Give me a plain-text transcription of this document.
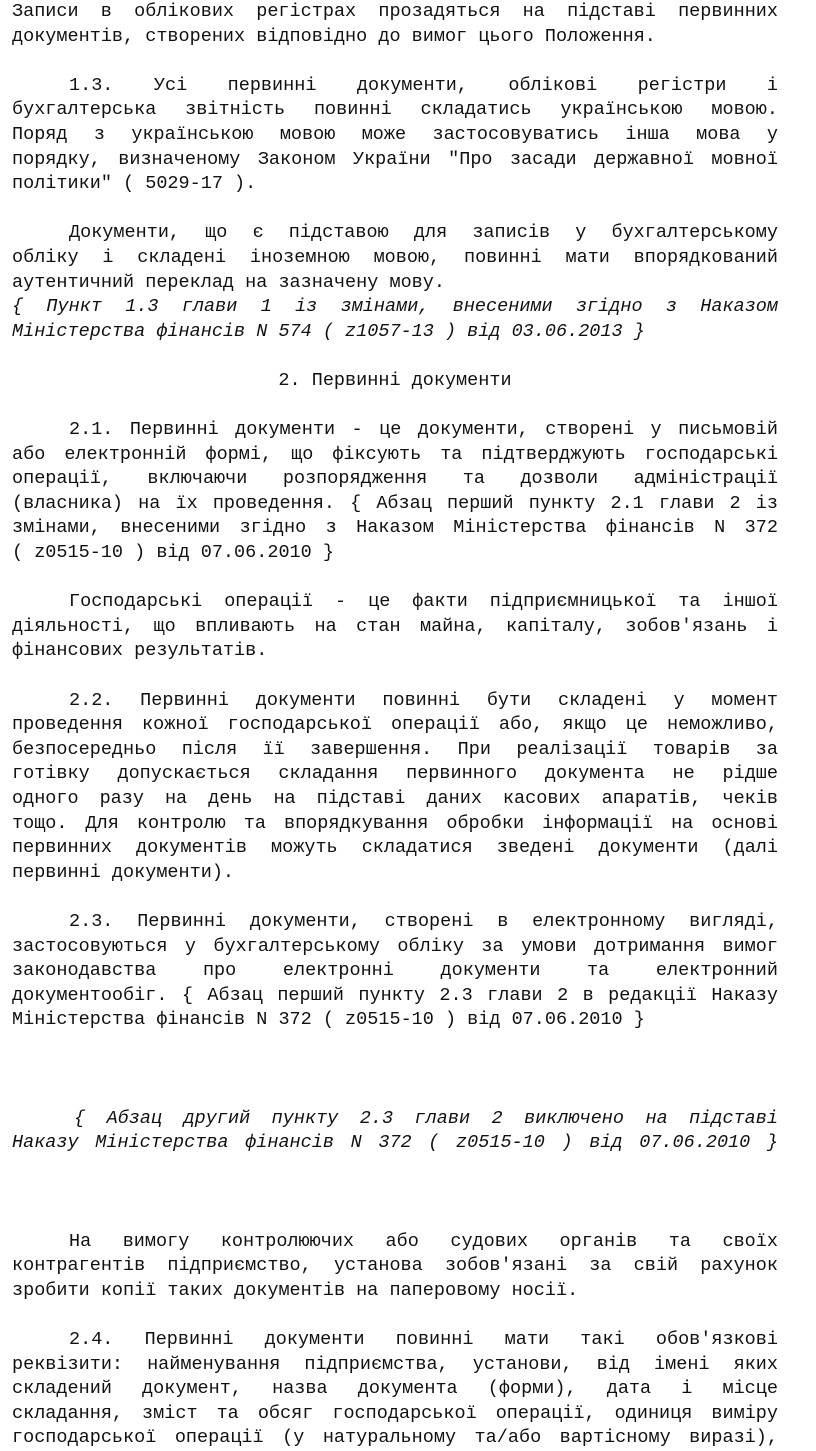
Записи в облікових регістрах прозадяться на підставі первинних
документів, створених відповідно до вимог цього Положення.
1.3. Усі первинні документи, облікові регістри і
бухгалтерська звітність повинні складатись українською мовою.
Поряд з українською мовою може застосовуватись інша мова у
порядку, визначеному Законом України "Про засади державної мовної
політики" ( 5029-17 ).
Документи, що є підставою для записів у бухгалтерському
обліку і складені іноземною мовою, повинні мати впорядкований
аутентичний переклад на зазначену мову.
{ Пункт 1.3 глави 1 із змінами, внесеними згідно з Наказом
Міністерства фінансів N 574 ( z1057-13 ) від 03.06.2013 }
2. Первинні документи
2.1. Первинні документи - це документи, створені у письмовій
або електронній формі, що фіксують та підтверджують господарські
операції, включаючи розпорядження та дозволи адміністрації
(власника) на їх проведення. { Абзац перший пункту 2.1 глави 2 із
змінами, внесеними згідно з Наказом Міністерства фінансів N 372
( z0515-10 ) від 07.06.2010 }
Господарські операції - це факти підприємницької та іншої
діяльності, що впливають на стан майна, капіталу, зобов'язань і
фінансових результатів.
2.2. Первинні документи повинні бути складені у момент
проведення кожної господарської операції або, якщо це неможливо,
безпосередньо після її завершення. При реалізації товарів за
готівку допускається складання первинного документа не рідше
одного разу на день на підставі даних касових апаратів, чеків
тощо. Для контролю та впорядкування обробки інформації на основі
первинних документів можуть складатися зведені документи (далі
первинні документи).
2.3. Первинні документи, створені в електронному вигляді,
застосовуються у бухгалтерському обліку за умови дотримання вимог
законодавства про електронні документи та електронний
документообіг. { Абзац перший пункту 2.3 глави 2 в редакції Наказу
Міністерства фінансів N 372 ( z0515-10 ) від 07.06.2010 }
{ Абзац другий пункту 2.3 глави 2 виключено на підставі
Наказу Міністерства фінансів N 372 ( z0515-10 ) від 07.06.2010 }
На вимогу контролюючих або судових органів та своїх
контрагентів підприємство, установа зобов'язані за свій рахунок
зробити копії таких документів на паперовому носії.
2.4. Первинні документи повинні мати такі обов'язкові
реквізити: найменування підприємства, установи, від імені яких
складений документ, назва документа (форми), дата і місце
складання, зміст та обсяг господарської операції, одиниця виміру
господарської операції (у натуральному та/або вартісному виразі),
